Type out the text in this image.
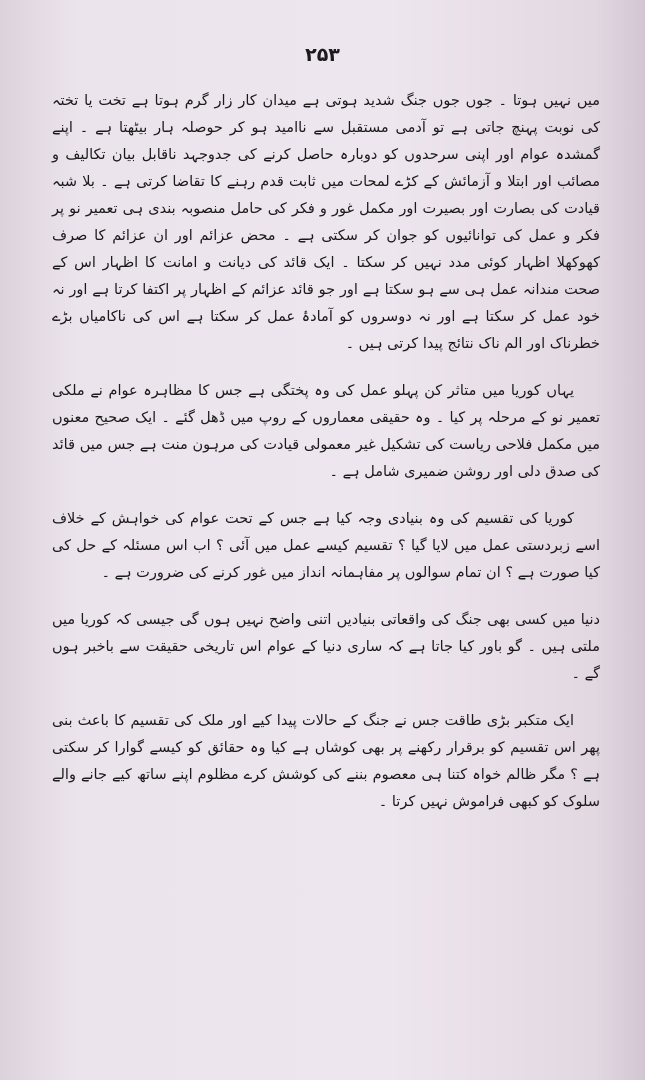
۲۵۳

میں نہیں ہوتا ۔ جوں جوں جنگ شدید ہوتی ہے میدان کار زار گرم ہوتا ہے تخت یا تختہ کی نوبت پہنچ جاتی ہے تو آدمی مستقبل سے ناامید ہو کر حوصلہ ہار بیٹھتا ہے ۔ اپنے گمشدہ عوام اور اپنی سرحدوں کو دوبارہ حاصل کرنے کی جدوجہد ناقابل بیان تکالیف و مصائب اور ابتلا و آزمائش کے کڑے لمحات میں ثابت قدم رہنے کا تقاضا کرتی ہے ۔ بلا شبہ قیادت کی بصارت اور بصیرت اور مکمل غور و فکر کی حامل منصوبہ بندی ہی تعمیر نو پر فکر و عمل کی توانائیوں کو جوان کر سکتی ہے ۔ محض عزائم اور ان عزائم کا صرف کھوکھلا اظہار کوئی مدد نہیں کر سکتا ۔ ایک قائد کی دیانت و امانت کا اظہار اس کے صحت مندانہ عمل ہی سے ہو سکتا ہے اور جو قائد عزائم کے اظہار پر اکتفا کرتا ہے اور نہ خود عمل کر سکتا ہے اور نہ دوسروں کو آمادۂ عمل کر سکتا ہے اس کی ناکامیاں بڑے خطرناک اور الم ناک نتائج پیدا کرتی ہیں ۔

یہاں کوریا میں متاثر کن پہلو عمل کی وہ پختگی ہے جس کا مظاہرہ عوام نے ملکی تعمیر نو کے مرحلہ پر کیا ۔ وہ حقیقی معماروں کے روپ میں ڈھل گئے ۔ ایک صحیح معنوں میں مکمل فلاحی ریاست کی تشکیل غیر معمولی قیادت کی مرہون منت ہے جس میں قائد کی صدق دلی اور روشن ضمیری شامل ہے ۔

کوریا کی تقسیم کی وہ بنیادی وجہ کیا ہے جس کے تحت عوام کی خواہش کے خلاف اسے زبردستی عمل میں لایا گیا ؟ تقسیم کیسے عمل میں آئی ؟ اب اس مسئلہ کے حل کی کیا صورت ہے ؟ ان تمام سوالوں پر مفاہمانہ انداز میں غور کرنے کی ضرورت ہے ۔

دنیا میں کسی بھی جنگ کی واقعاتی بنیادیں اتنی واضح نہیں ہوں گی جیسی کہ کوریا میں ملتی ہیں ۔ گو باور کیا جاتا ہے کہ ساری دنیا کے عوام اس تاریخی حقیقت سے باخبر ہوں گے ۔

ایک متکبر بڑی طاقت جس نے جنگ کے حالات پیدا کیے اور ملک کی تقسیم کا باعث بنی پھر اس تقسیم کو برقرار رکھنے پر بھی کوشاں ہے کیا وہ حقائق کو کیسے گوارا کر سکتی ہے ؟ مگر ظالم خواہ کتنا ہی معصوم بننے کی کوشش کرے مظلوم اپنے ساتھ کیے جانے والے سلوک کو کبھی فراموش نہیں کرتا ۔
